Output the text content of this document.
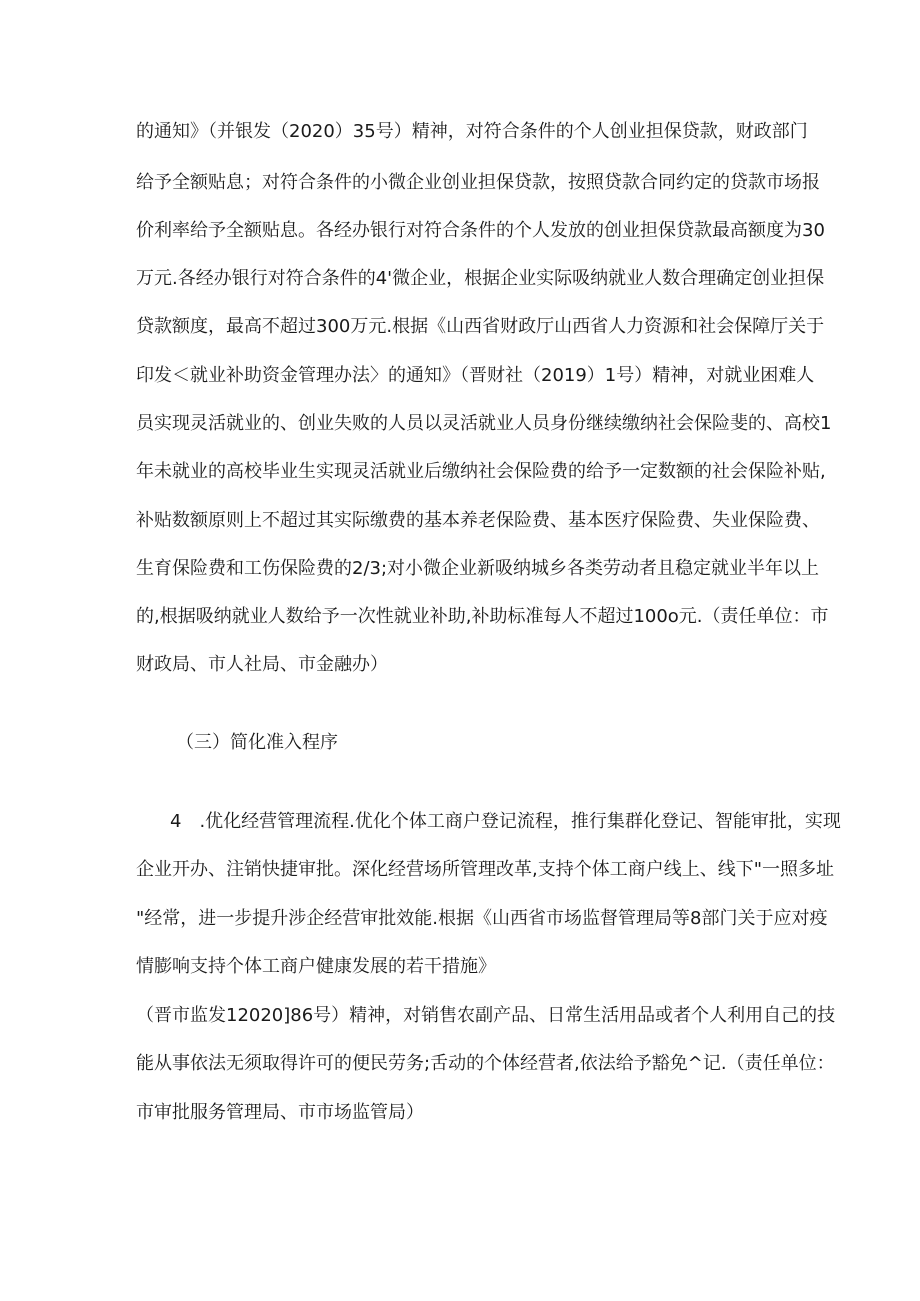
的通知》（并银发（2020）35号）精神，对符合条件的个人创业担保贷款，财政部门
给予全额贴息；对符合条件的小微企业创业担保贷款，按照贷款合同约定的贷款市场报
价利率给予全额贴息。各经办银行对符合条件的个人发放的创业担保贷款最高额度为30
万元.各经办银行对符合条件的4'微企业，根据企业实际吸纳就业人数合理确定创业担保
贷款额度，最高不超过300万元.根据《山西省财政厅山西省人力资源和社会保障厅关于
印发＜就业补助资金管理办法〉的通知》（晋财社（2019）1号）精神，对就业困难人
员实现灵活就业的、创业失败的人员以灵活就业人员身份继续缴纳社会保险斐的、高校1
年未就业的高校毕业生实现灵活就业后缴纳社会保险费的给予一定数额的社会保险补贴,
补贴数额原则上不超过其实际缴费的基本养老保险费、基本医疗保险费、失业保险费、
生育保险费和工伤保险费的2/3;对小微企业新吸纳城乡各类劳动者且稳定就业半年以上
的,根据吸纳就业人数给予一次性就业补助,补助标准每人不超过100o元.（责任单位：市
财政局、市人社局、市金融办）
（三）简化准入程序
4　.优化经营管理流程.优化个体工商户登记流程，推行集群化登记、智能审批，实现
企业开办、注销快捷审批。深化经营场所管理改革,支持个体工商户线上、线下"一照多址
"经常，进一步提升涉企经营审批效能.根据《山西省市场监督管理局等8部门关于应对疫
情膨响支持个体工商户健康发展的若干措施》
（晋市监发12020]86号）精神，对销售农副产品、日常生活用品或者个人利用自己的技
能从事依法无须取得许可的便民劳务;舌动的个体经营者,依法给予豁免^记.（责任单位：
市审批服务管理局、市市场监管局）
